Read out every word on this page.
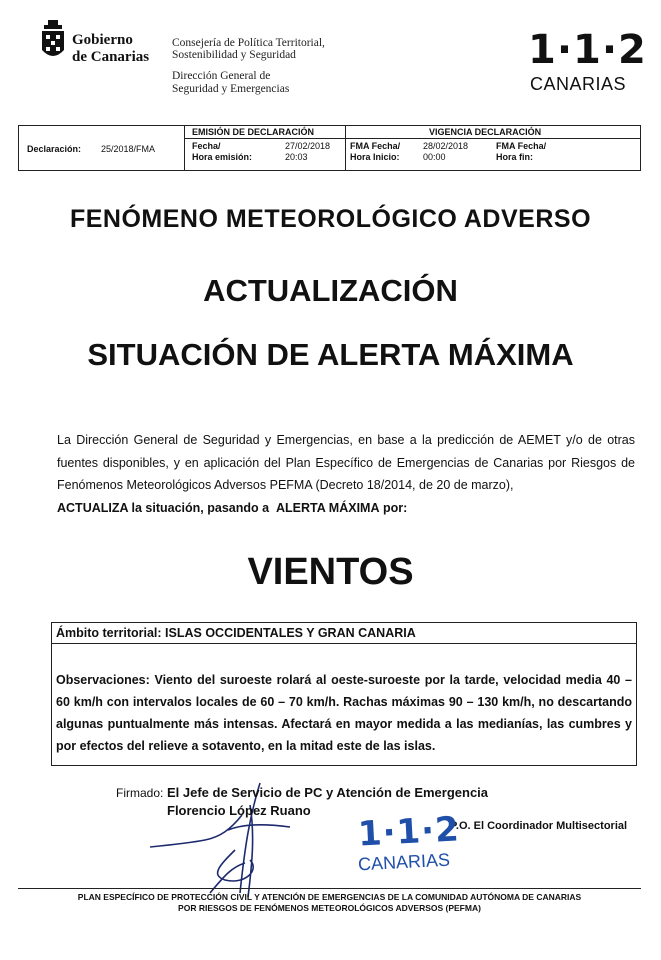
Gobierno
de Canarias
Consejería de Política Territorial,
Sostenibilidad y Seguridad
Dirección General de
Seguridad y Emergencias
1·1·2
CANARIAS
Declaración: 25/2018/FMA
EMISIÓN DE DECLARACIÓN
Fecha/
Hora emisión:
27/02/2018
20:03
VIGENCIA DECLARACIÓN
FMA Fecha/
Hora Inicio:
28/02/2018
00:00
FMA Fecha/
Hora fin:
FENÓMENO METEOROLÓGICO ADVERSO
ACTUALIZACIÓN
SITUACIÓN DE ALERTA MÁXIMA
La Dirección General de Seguridad y Emergencias, en base a la predicción de AEMET y/o de otras fuentes disponibles, y en aplicación del Plan Específico de Emergencias de Canarias por Riesgos de Fenómenos Meteorológicos Adversos PEFMA (Decreto 18/2014, de 20 de marzo),
ACTUALIZA la situación, pasando a ALERTA MÁXIMA por:
VIENTOS
Ámbito territorial: ISLAS OCCIDENTALES Y GRAN CANARIA
Observaciones: Viento del suroeste rolará al oeste-suroeste por la tarde, velocidad media 40 – 60 km/h con intervalos locales de 60 – 70 km/h. Rachas máximas 90 – 130 km/h, no descartando algunas puntualmente más intensas. Afectará en mayor medida a las medianías, las cumbres y por efectos del relieve a sotavento, en la mitad este de las islas.
Firmado: El Jefe de Servicio de PC y Atención de Emergencia
Florencio López Ruano
P.O. El Coordinador Multisectorial
1·1·2
CANARIAS
PLAN ESPECÍFICO DE PROTECCIÓN CIVIL Y ATENCIÓN DE EMERGENCIAS DE LA COMUNIDAD AUTÓNOMA DE CANARIAS
POR RIESGOS DE FENÓMENOS METEOROLÓGICOS ADVERSOS (PEFMA)
